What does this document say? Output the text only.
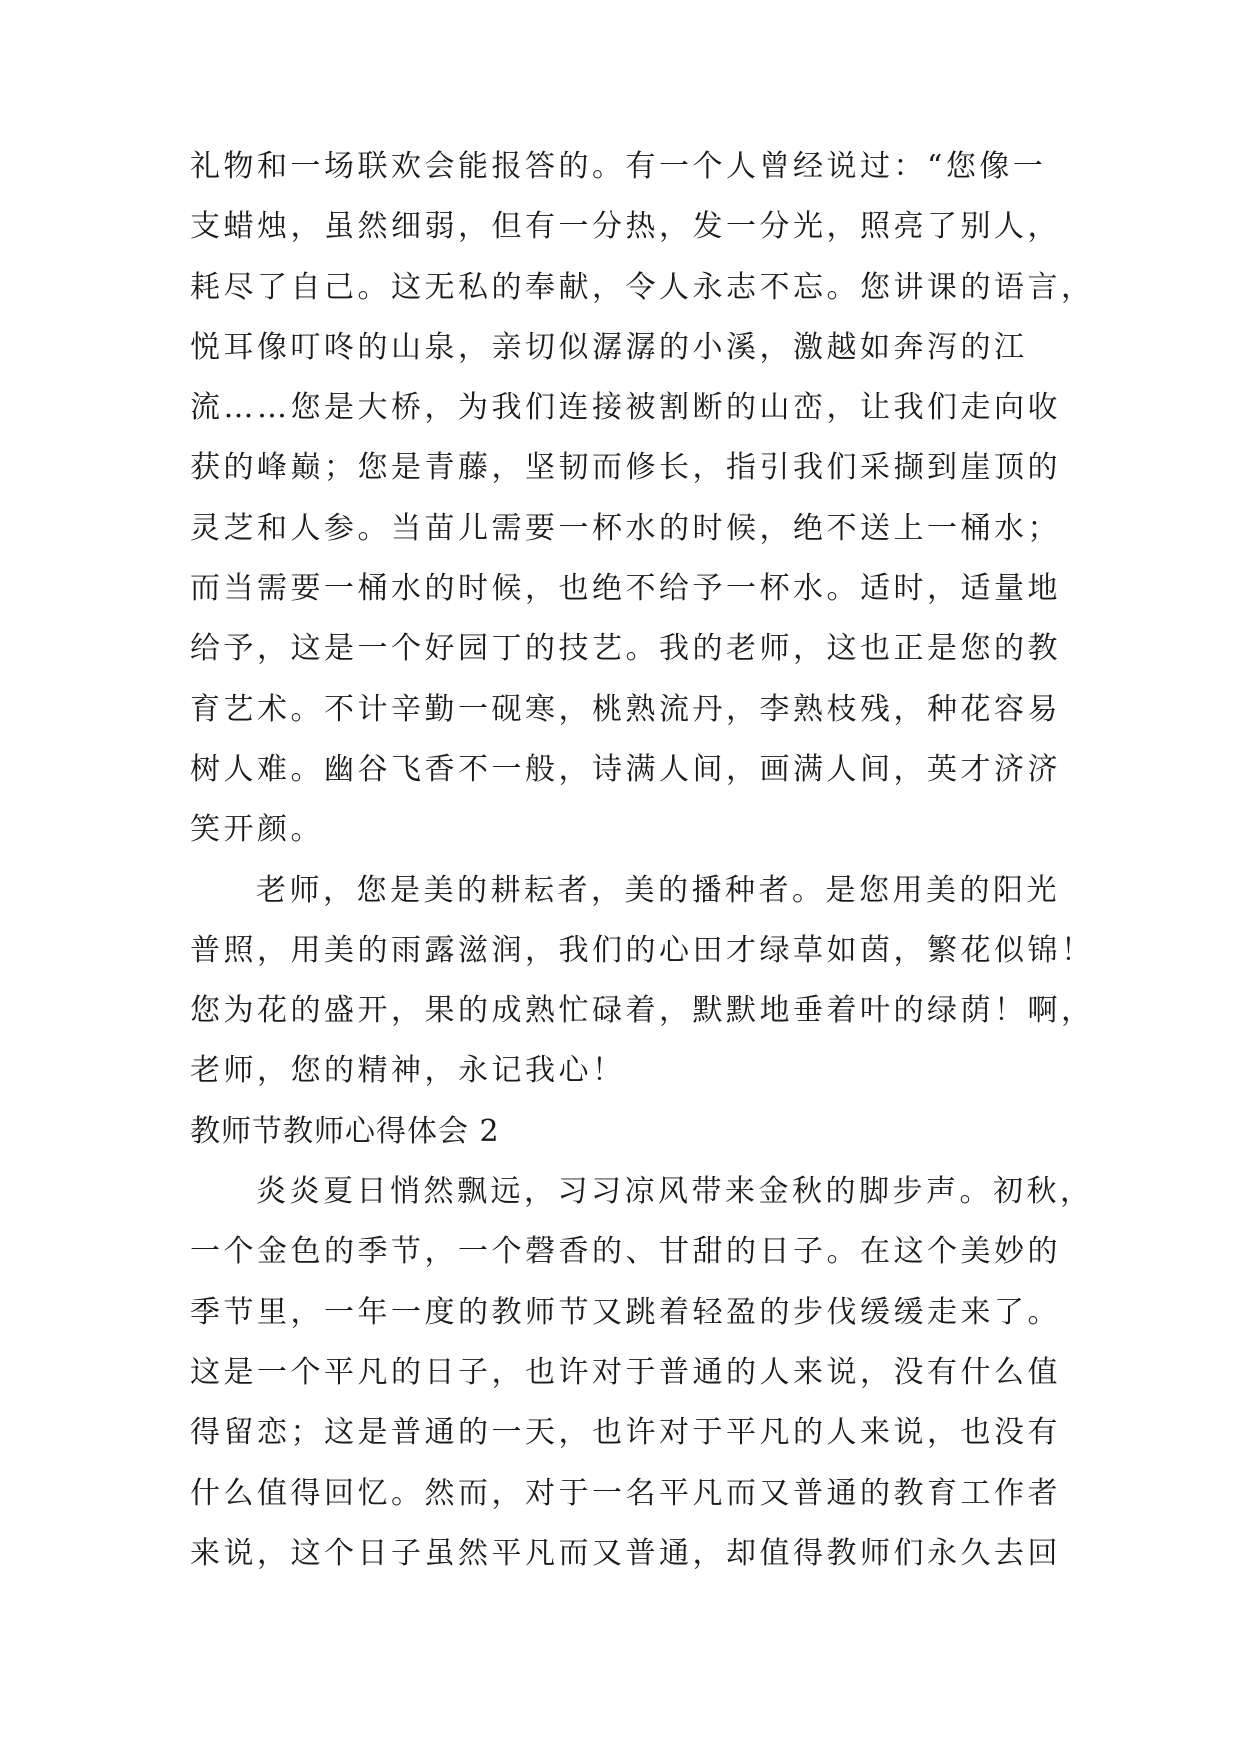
礼物和一场联欢会能报答的。有一个人曾经说过：“您像一
支蜡烛，虽然细弱，但有一分热，发一分光，照亮了别人，
耗尽了自己。这无私的奉献，令人永志不忘。您讲课的语言，
悦耳像叮咚的山泉，亲切似潺潺的小溪，激越如奔泻的江
流……您是大桥，为我们连接被割断的山峦，让我们走向收
获的峰巅；您是青藤，坚韧而修长，指引我们采撷到崖顶的
灵芝和人参。当苗儿需要一杯水的时候，绝不送上一桶水；
而当需要一桶水的时候，也绝不给予一杯水。适时，适量地
给予，这是一个好园丁的技艺。我的老师，这也正是您的教
育艺术。不计辛勤一砚寒，桃熟流丹，李熟枝残，种花容易
树人难。幽谷飞香不一般，诗满人间，画满人间，英才济济
笑开颜。
老师，您是美的耕耘者，美的播种者。是您用美的阳光
普照，用美的雨露滋润，我们的心田才绿草如茵，繁花似锦！
您为花的盛开，果的成熟忙碌着，默默地垂着叶的绿荫！啊，
老师，您的精神，永记我心！
教师节教师心得体会 2
炎炎夏日悄然飘远，习习凉风带来金秋的脚步声。初秋，
一个金色的季节，一个磬香的、甘甜的日子。在这个美妙的
季节里，一年一度的教师节又跳着轻盈的步伐缓缓走来了。
这是一个平凡的日子，也许对于普通的人来说，没有什么值
得留恋；这是普通的一天，也许对于平凡的人来说，也没有
什么值得回忆。然而，对于一名平凡而又普通的教育工作者
来说，这个日子虽然平凡而又普通，却值得教师们永久去回
